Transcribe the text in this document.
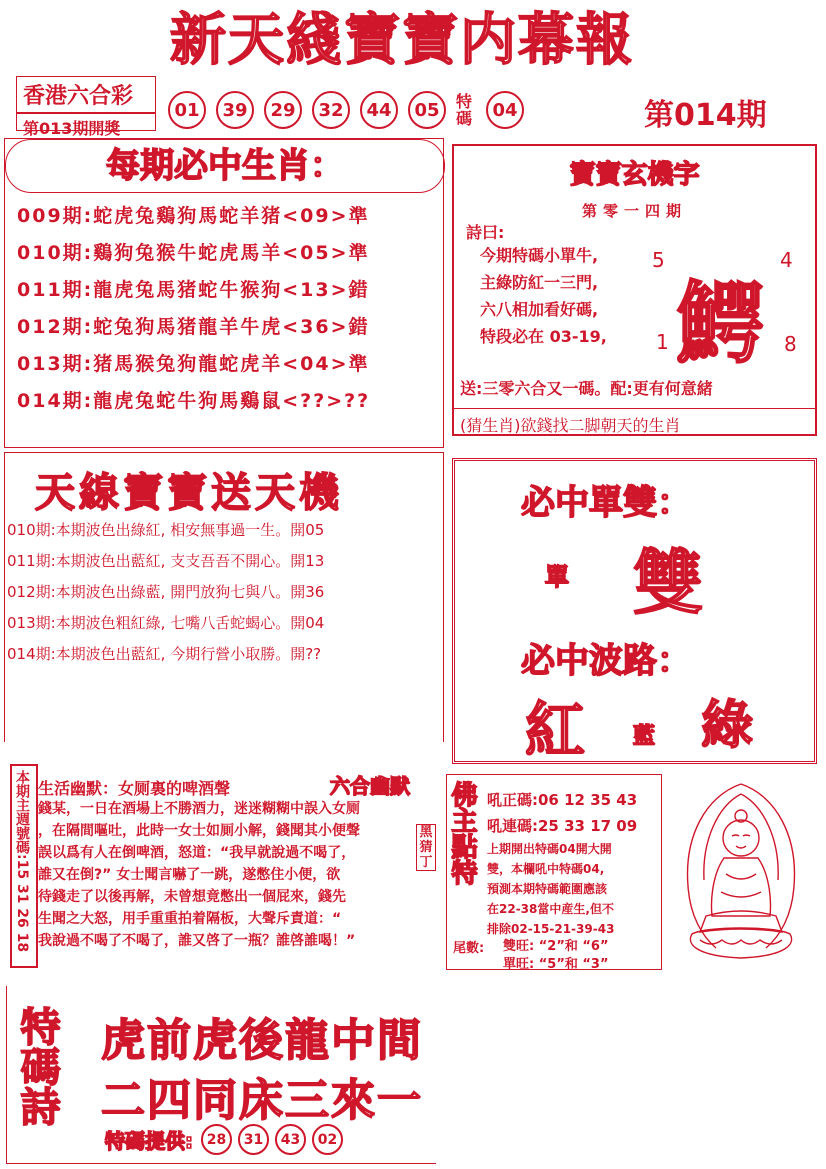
新天綫寶寶内幕報
香港六合彩
第013期開獎
01	39	29	32	44	05	特碼	04	第014期
每期必中生肖：
009期:蛇虎兔鷄狗馬蛇羊猪<09>準
010期:鷄狗兔猴牛蛇虎馬羊<05>準
011期:龍虎兔馬猪蛇牛猴狗<13>錯
012期:蛇兔狗馬猪龍羊牛虎<36>錯
013期:猪馬猴兔狗龍蛇虎羊<04>準
014期:龍虎兔蛇牛狗馬鷄鼠<??>??
寶寶玄機字
第零一四期
詩曰:
今期特碼小單牛,
主綠防紅一三門,
六八相加看好碼,
特段必在 03-19, 鰐
5	4
1	8
送:三零六合又一碼。配:更有何意緒
(猜生肖)欲錢找二脚朝天的生肖
天線寶寶送天機
010期:本期波色出綠紅, 相安無事過一生。開05
011期:本期波色出藍紅, 支支吾吾不開心。開13
012期:本期波色出綠藍, 開門放狗七與八。開36
013期:本期波色粗紅綠, 七嘴八舌蛇蝎心。開04
014期:本期波色出藍紅, 今期行營小取勝。開??
必中單雙：
單 雙
必中波路：
紅 藍 綠
本期主週號碼:15 31 26 18 生活幽默：女厕裏的啤酒聲	六合幽默
錢某，一日在酒場上不勝酒力，迷迷糊糊中誤入女厕
，在隔間嘔吐，此時一女士如厠小解，錢聞其小便聲
誤以爲有人在倒啤酒，怒道：“我早就說過不喝了，
誰又在倒?” 女士聞言嚇了一跳，遂憋住小便，欲
待錢走了以後再解，未曾想竟憋出一個屁來，錢先
生聞之大怒，用手重重拍着隔板，大聲斥責道：“
我說過不喝了不喝了，誰又啓了一瓶？誰啓誰喝！”
黑 猜 丁 佛主點特 吼正碼:06 12 35 43
吼連碼:25 33 17 09
上期開出特碼04開大開
雙，本欄吼中特碼04,
預測本期特碼範圍應該
在22-38當中産生,但不
排除02-15-21-39-43
尾數: 雙旺: “2”和 “6”
單旺: “5”和 “3”
特碼詩 虎前虎後龍中間
二四同床三來一
特碼提供: 28	31	43	02
